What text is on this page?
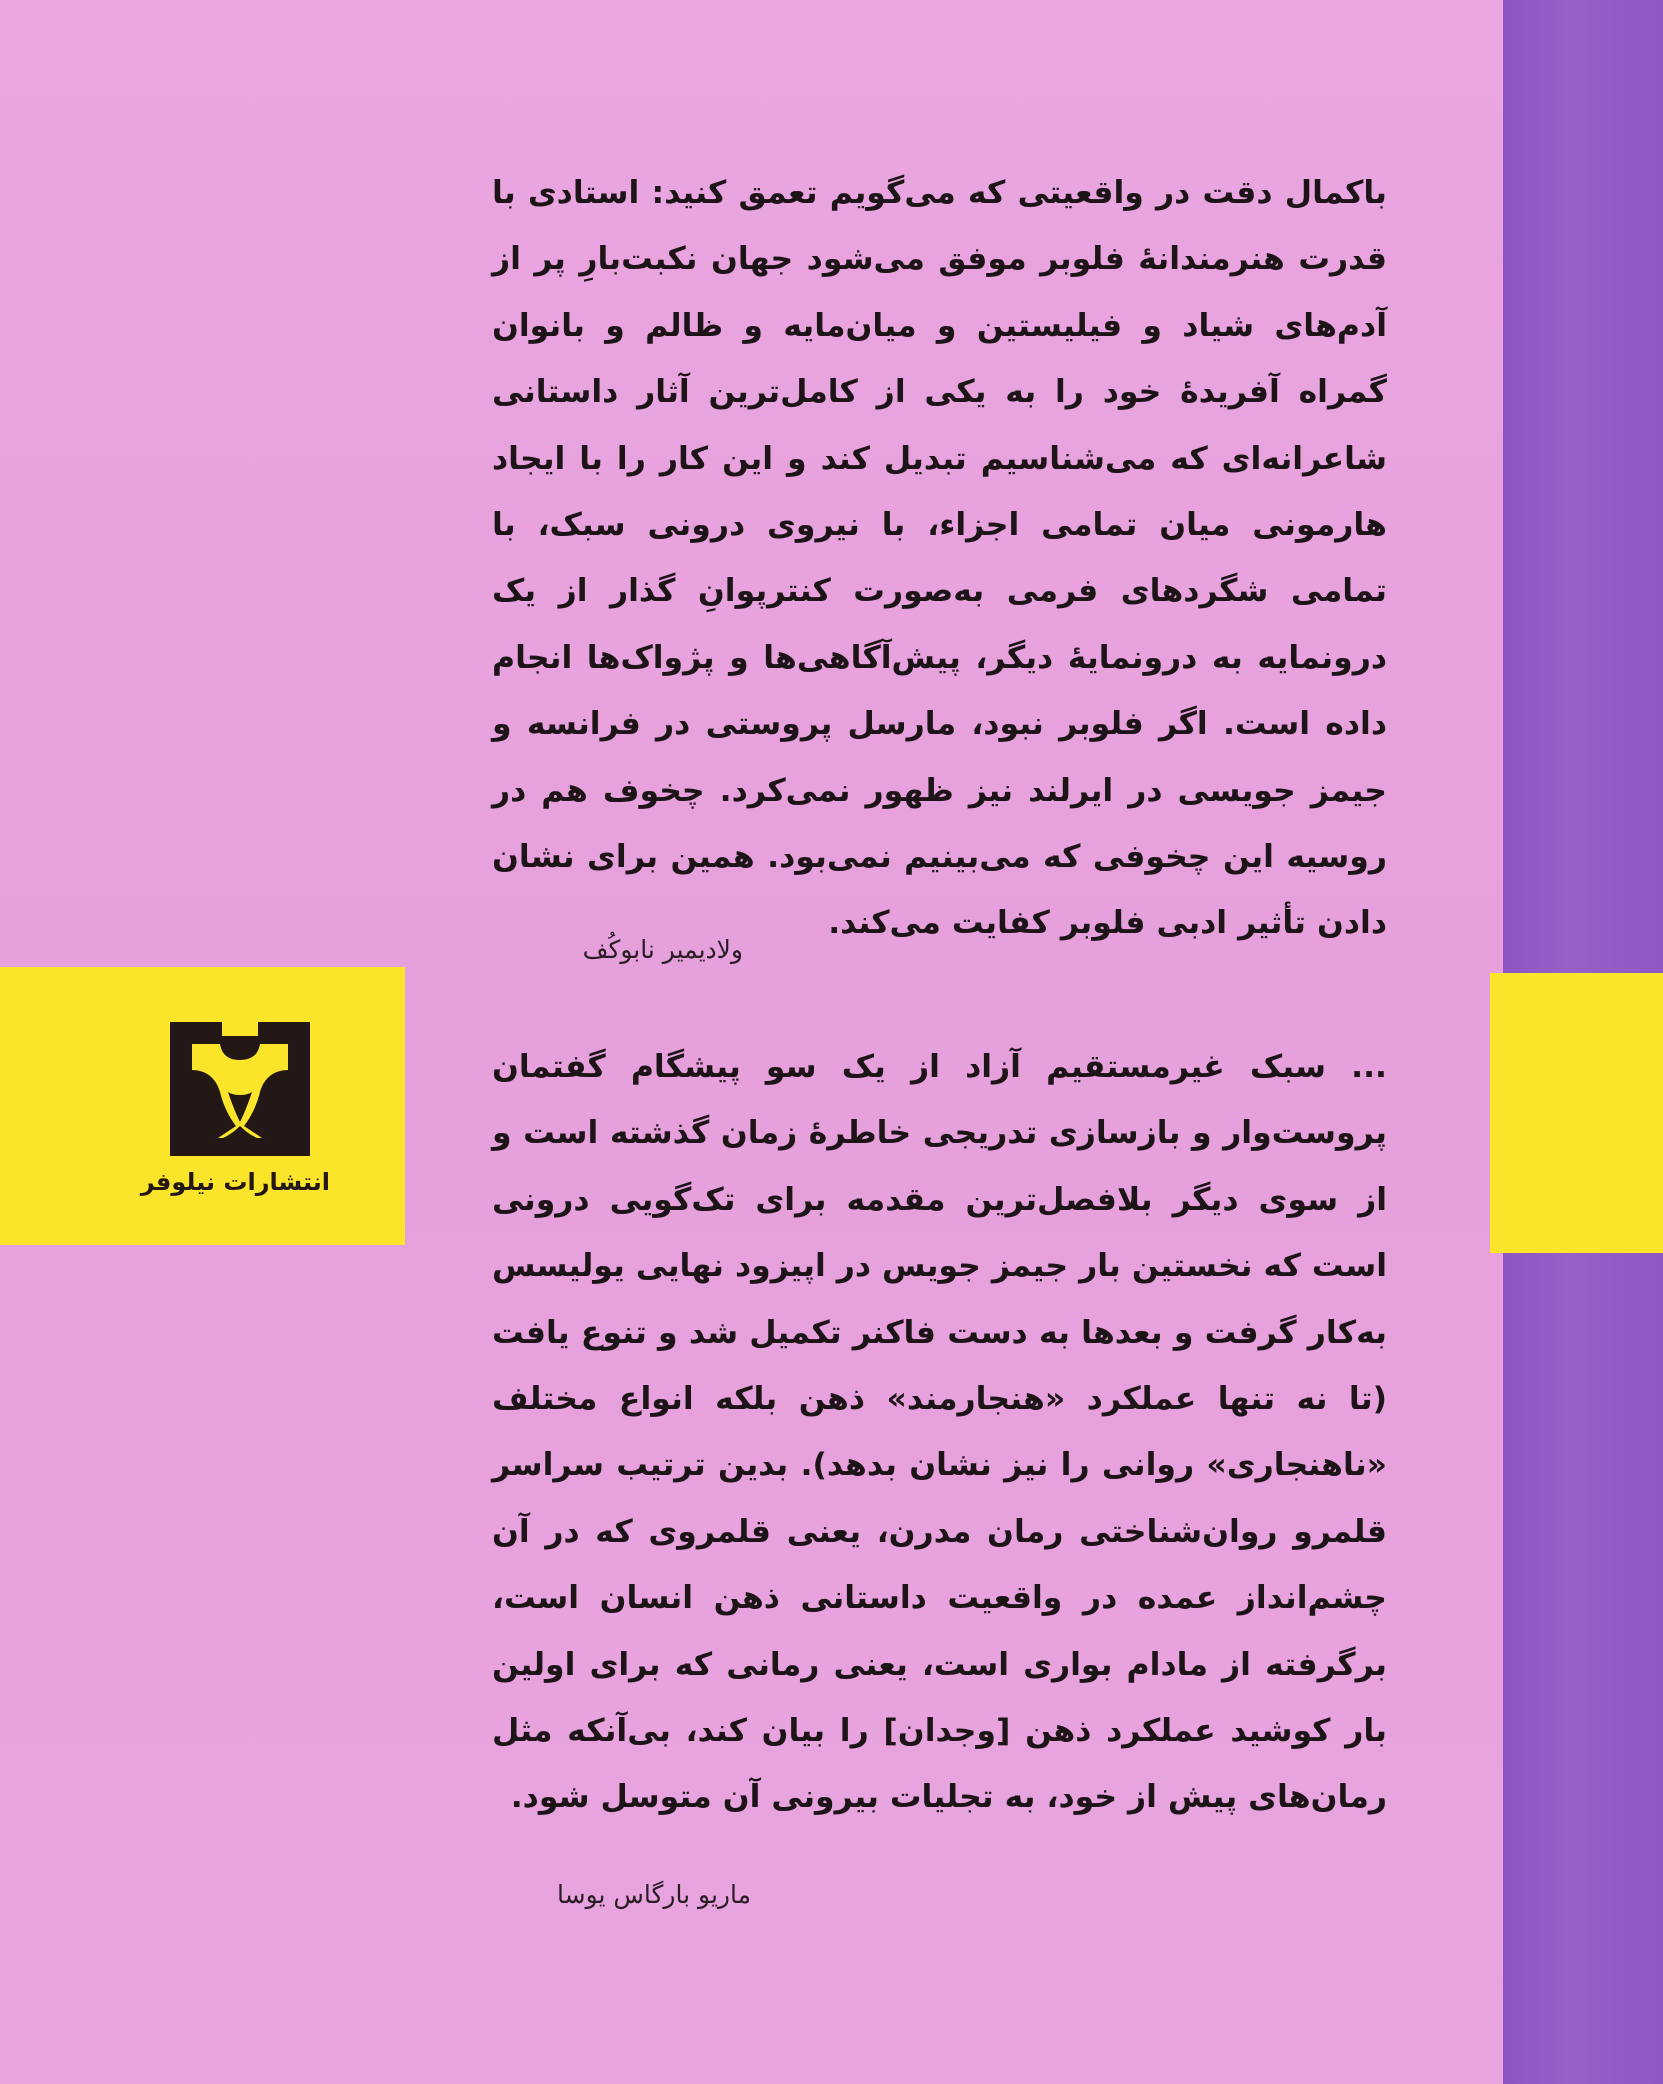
انتشارات نیلوفر

باکمال دقت در واقعیتی که می‌گویم تعمق کنید: استادی با قدرت هنرمندانهٔ فلوبر موفق می‌شود جهان نکبت‌بارِ پر از آدم‌های شیاد و فیلیستین و میان‌مایه و ظالم و بانوان گمراه آفریدهٔ خود را به یکی از کامل‌ترین آثار داستانی شاعرانه‌ای که می‌شناسیم تبدیل کند و این کار را با ایجاد هارمونی میان تمامی اجزاء، با نیروی درونی سبک، با تمامی شگردهای فرمی به‌صورت کنترپوانِ گذار از یک درونمایه به درونمایهٔ دیگر، پیش‌آگاهی‌ها و پژواک‌ها انجام داده است. اگر فلوبر نبود، مارسل پروستی در فرانسه و جیمز جویسی در ایرلند نیز ظهور نمی‌کرد. چخوف هم در روسیه این چخوفی که می‌بینیم نمی‌بود. همین برای نشان دادن تأثیر ادبی فلوبر کفایت می‌کند.

ولادیمیر نابوکُف

... سبک غیرمستقیم آزاد از یک سو پیشگام گفتمان پروست‌وار و بازسازی تدریجی خاطرهٔ زمان گذشته است و از سوی دیگر بلافصل‌ترین مقدمه برای تک‌گویی درونی است که نخستین بار جیمز جویس در اپیزود نهایی یولیسس به‌کار گرفت و بعدها به دست فاکنر تکمیل شد و تنوع یافت (تا نه تنها عملکرد «هنجارمند» ذهن بلکه انواع مختلف «ناهنجاری» روانی را نیز نشان بدهد). بدین ترتیب سراسر قلمرو روان‌شناختی رمان مدرن، یعنی قلمروی که در آن چشم‌انداز عمده در واقعیت داستانی ذهن انسان است، برگرفته از مادام بواری است، یعنی رمانی که برای اولین بار کوشید عملکرد ذهن [وجدان] را بیان کند، بی‌آنکه مثل رمان‌های پیش از خود، به تجلیات بیرونی آن متوسل شود.

ماریو بارگاس یوسا
